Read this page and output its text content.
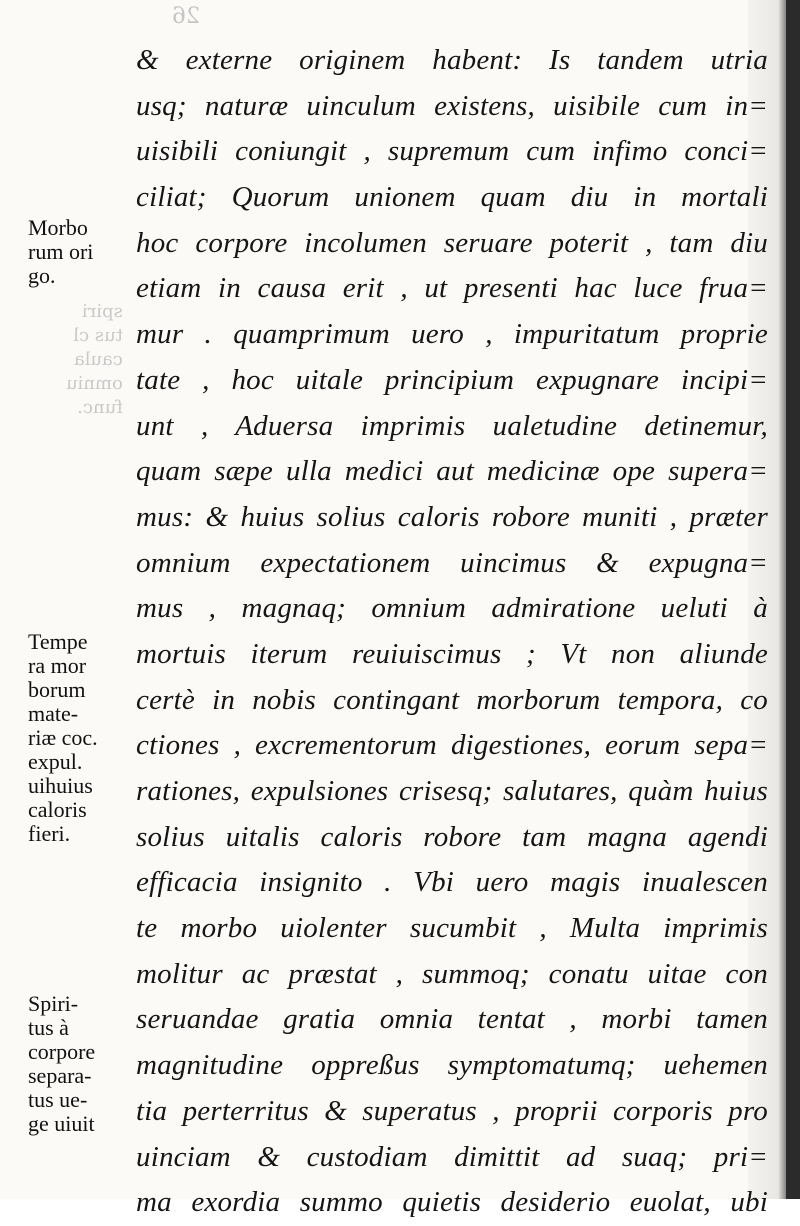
26
spiri
tus cl
caula
omniu
func.
& externe originem habent: Is tandem utria
usq; naturæ uinculum existens, uisibile cum in=
uisibili coniungit , supremum cum infimo conci=
ciliat; Quorum unionem quam diu in mortali
hoc corpore incolumen seruare poterit , tam diu
etiam in causa erit , ut presenti hac luce frua=
mur . quamprimum uero , impuritatum proprie
tate , hoc uitale principium expugnare incipi=
unt , Aduersa imprimis ualetudine detinemur,
quam sæpe ulla medici aut medicinæ ope supera=
mus: & huius solius caloris robore muniti , præter
omnium expectationem uincimus & expugna=
mus , magnaq; omnium admiratione ueluti à
mortuis iterum reuiuiscimus ; Vt non aliunde
certè in nobis contingant morborum tempora, co
ctiones , excrementorum digestiones, eorum sepa=
rationes, expulsiones crisesq; salutares, quàm huius
solius uitalis caloris robore tam magna agendi
efficacia insignito . Vbi uero magis inualescen
te morbo uiolenter sucumbit , Multa imprimis
molitur ac præstat , summoq; conatu uitae con
seruandae gratia omnia tentat , morbi tamen
magnitudine oppreßus symptomatumq; uehemen
tia perterritus & superatus , proprii corporis pro
uinciam & custodiam dimittit ad suaq; pri=
ma exordia summo quietis desiderio euolat, ubi
Morbo
rum ori
go.
Tempe
ra mor
borum
mate-
riæ coc.
expul.
uihuius
caloris
fieri.
Spiri-
tus à
corpore
separa-
tus ue-
ge uiuit
